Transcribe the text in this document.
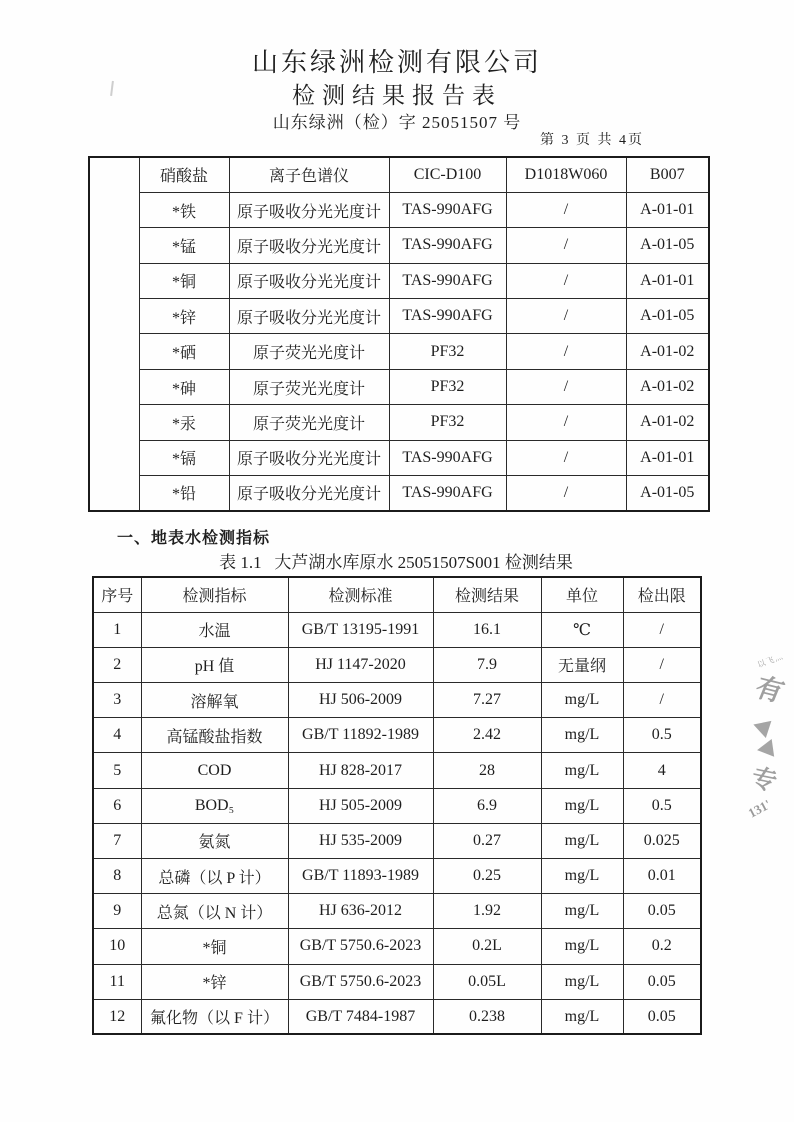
山东绿洲检测有限公司
检测结果报告表
山东绿洲（检）字 25051507 号
第 3 页 共 4页
	硝酸盐	离子色谱仪	CIC-D100	D1018W060	B007
	*铁	原子吸收分光光度计	TAS-990AFG	/	A-01-01
	*锰	原子吸收分光光度计	TAS-990AFG	/	A-01-05
	*铜	原子吸收分光光度计	TAS-990AFG	/	A-01-01
	*锌	原子吸收分光光度计	TAS-990AFG	/	A-01-05
	*硒	原子荧光光度计	PF32	/	A-01-02
	*砷	原子荧光光度计	PF32	/	A-01-02
	*汞	原子荧光光度计	PF32	/	A-01-02
	*镉	原子吸收分光光度计	TAS-990AFG	/	A-01-01
	*铅	原子吸收分光光度计	TAS-990AFG	/	A-01-05
一、地表水检测指标
表 1.1   大芦湖水库原水 25051507S001 检测结果
序号	检测指标	检测标准	检测结果	单位	检出限
1	水温	GB/T 13195-1991	16.1	℃	/
2	pH 值	HJ 1147-2020	7.9	无量纲	/
3	溶解氧	HJ 506-2009	7.27	mg/L	/
4	高锰酸盐指数	GB/T 11892-1989	2.42	mg/L	0.5
5	COD	HJ 828-2017	28	mg/L	4
6	BOD₅	HJ 505-2009	6.9	mg/L	0.5
7	氨氮	HJ 535-2009	0.27	mg/L	0.025
8	总磷（以 P 计）	GB/T 11893-1989	0.25	mg/L	0.01
9	总氮（以 N 计）	HJ 636-2012	1.92	mg/L	0.05
10	*铜	GB/T 5750.6-2023	0.2L	mg/L	0.2
11	*锌	GB/T 5750.6-2023	0.05L	mg/L	0.05
12	氟化物（以 F 计）	GB/T 7484-1987	0.238	mg/L	0.05
以飞灬
有
专
131'
